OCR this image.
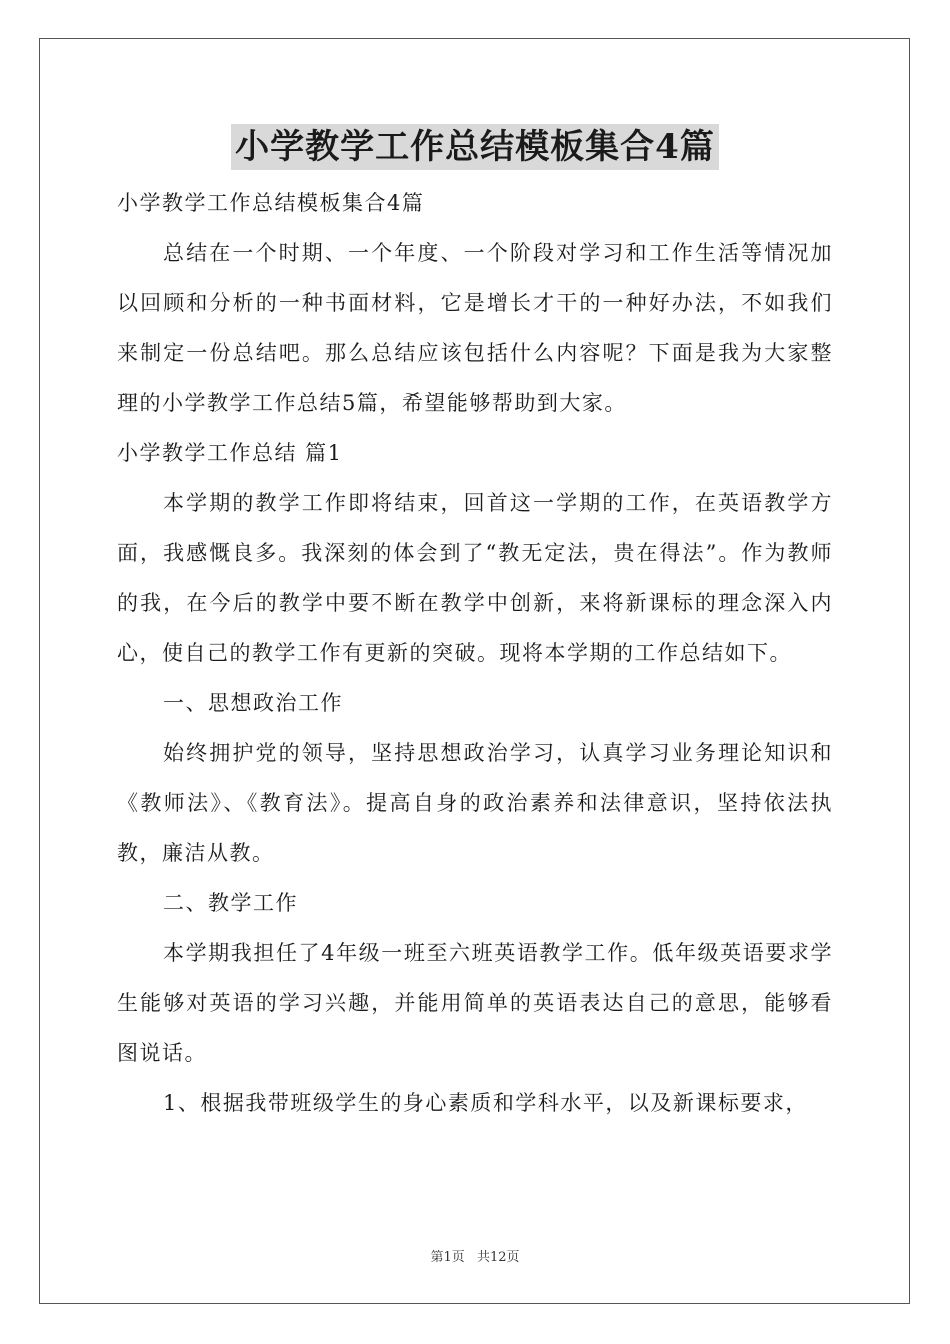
小学教学工作总结模板集合4篇

小学教学工作总结模板集合4篇

总结在一个时期、一个年度、一个阶段对学习和工作生活等情况加以回顾和分析的一种书面材料，它是增长才干的一种好办法，不如我们来制定一份总结吧。那么总结应该包括什么内容呢？下面是我为大家整理的小学教学工作总结5篇，希望能够帮助到大家。

小学教学工作总结 篇1

本学期的教学工作即将结束，回首这一学期的工作，在英语教学方面，我感慨良多。我深刻的体会到了“教无定法，贵在得法”。作为教师的我，在今后的教学中要不断在教学中创新，来将新课标的理念深入内心，使自己的教学工作有更新的突破。现将本学期的工作总结如下。

一、思想政治工作

始终拥护党的领导，坚持思想政治学习，认真学习业务理论知识和《教师法》、《教育法》。提高自身的政治素养和法律意识，坚持依法执教，廉洁从教。

二、教学工作

本学期我担任了4年级一班至六班英语教学工作。低年级英语要求学生能够对英语的学习兴趣，并能用简单的英语表达自己的意思，能够看图说话。

1、根据我带班级学生的身心素质和学科水平，以及新课标要求，

第1页 共12页
